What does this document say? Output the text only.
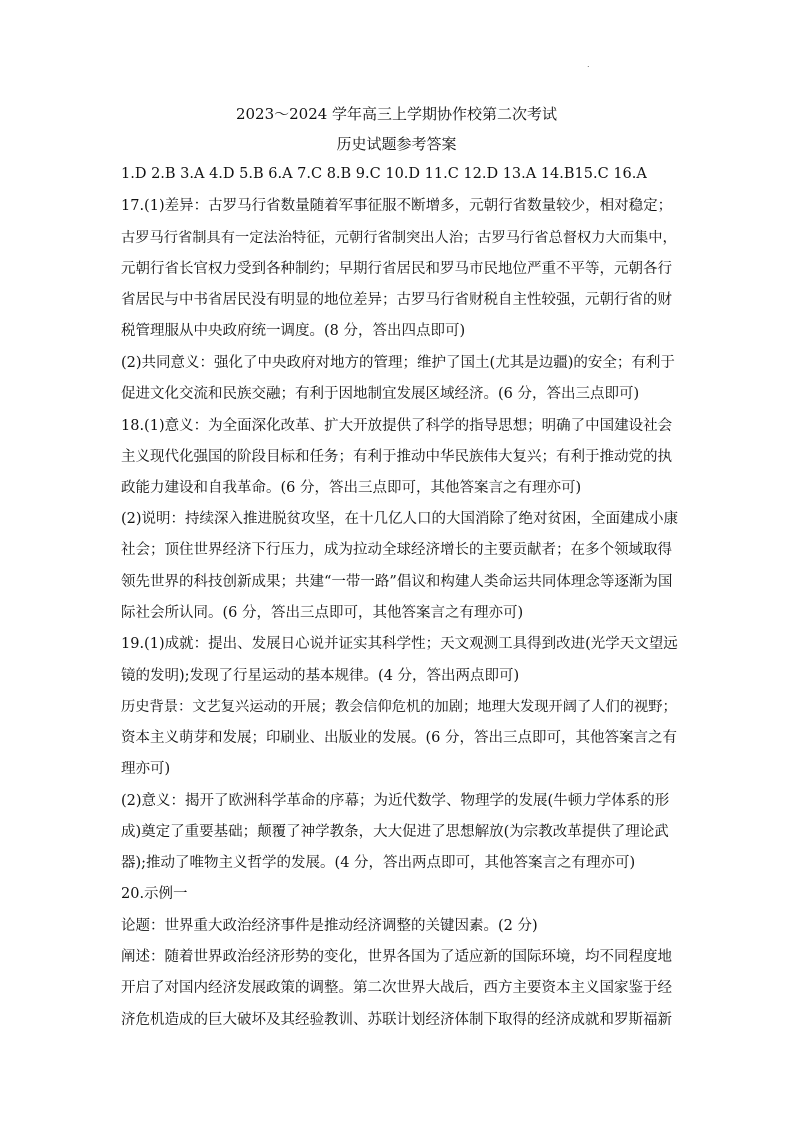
.
2023～2024 学年高三上学期协作校第二次考试
历史试题参考答案
1.D 2.B 3.A 4.D 5.B 6.A 7.C 8.B 9.C 10.D 11.C 12.D 13.A 14.B15.C 16.A
17.(1)差异：古罗马行省数量随着军事征服不断增多，元朝行省数量较少，相对稳定；
古罗马行省制具有一定法治特征，元朝行省制突出人治；古罗马行省总督权力大而集中，
元朝行省长官权力受到各种制约；早期行省居民和罗马市民地位严重不平等，元朝各行
省居民与中书省居民没有明显的地位差异；古罗马行省财税自主性较强，元朝行省的财
税管理服从中央政府统一调度。(8 分，答出四点即可)
(2)共同意义：强化了中央政府对地方的管理；维护了国土(尤其是边疆)的安全；有利于
促进文化交流和民族交融；有利于因地制宜发展区域经济。(6 分，答出三点即可)
18.(1)意义：为全面深化改革、扩大开放提供了科学的指导思想；明确了中国建设社会
主义现代化强国的阶段目标和任务；有利于推动中华民族伟大复兴；有利于推动党的执
政能力建设和自我革命。(6 分，答出三点即可，其他答案言之有理亦可)
(2)说明：持续深入推进脱贫攻坚，在十几亿人口的大国消除了绝对贫困，全面建成小康
社会；顶住世界经济下行压力，成为拉动全球经济增长的主要贡献者；在多个领域取得
领先世界的科技创新成果；共建“一带一路”倡议和构建人类命运共同体理念等逐渐为国
际社会所认同。(6 分，答出三点即可，其他答案言之有理亦可)
19.(1)成就：提出、发展日心说并证实其科学性；天文观测工具得到改进(光学天文望远
镜的发明);发现了行星运动的基本规律。(4 分，答出两点即可)
历史背景：文艺复兴运动的开展；教会信仰危机的加剧；地理大发现开阔了人们的视野；
资本主义萌芽和发展；印刷业、出版业的发展。(6 分，答出三点即可，其他答案言之有
理亦可)
(2)意义：揭开了欧洲科学革命的序幕；为近代数学、物理学的发展(牛顿力学体系的形
成)奠定了重要基础；颠覆了神学教条，大大促进了思想解放(为宗教改革提供了理论武
器);推动了唯物主义哲学的发展。(4 分，答出两点即可，其他答案言之有理亦可)
20.示例一
论题：世界重大政治经济事件是推动经济调整的关键因素。(2 分)
阐述：随着世界政治经济形势的变化，世界各国为了适应新的国际环境，均不同程度地
开启了对国内经济发展政策的调整。第二次世界大战后，西方主要资本主义国家鉴于经
济危机造成的巨大破坏及其经验教训、苏联计划经济体制下取得的经济成就和罗斯福新
